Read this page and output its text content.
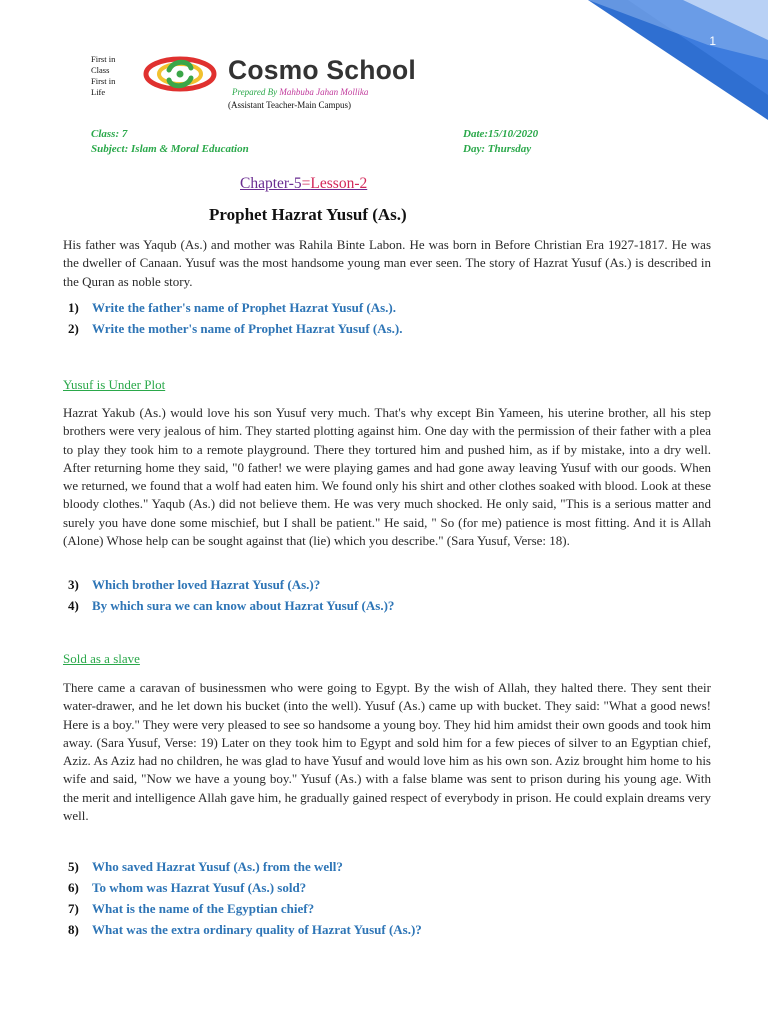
1
First in
Class
First in
Life
Cosmo School
Prepared By Mahbuba Jahan Mollika
(Assistant Teacher-Main Campus)
Class: 7
Subject: Islam & Moral Education
Date:15/10/2020
Day: Thursday
Chapter-5=Lesson-2
Prophet Hazrat Yusuf (As.)

His father was Yaqub (As.) and mother was Rahila Binte Labon. He was born in Before Christian Era 1927-1817. He was the dweller of Canaan. Yusuf was the most handsome young man ever seen. The story of Hazrat Yusuf (As.) is described in the Quran as noble story.

1)	Write the father's name of Prophet Hazrat Yusuf (As.).
2)	Write the mother's name of Prophet Hazrat Yusuf (As.).
Yusuf is Under Plot

Hazrat Yakub (As.) would love his son Yusuf very much. That's why except Bin Yameen, his uterine brother, all his step brothers were very jealous of him. They started plotting against him. One day with the permission of their father with a plea to play they took him to a remote playground. There they tortured him and pushed him, as if by mistake, into a dry well. After returning home they said, "0 father! we were playing games and had gone away leaving Yusuf with our goods. When we returned, we found that a wolf had eaten him. We found only his shirt and other clothes soaked with blood. Look at these bloody clothes." Yaqub (As.) did not believe them. He was very much shocked. He only said, "This is a serious matter and surely you have done some mischief, but I shall be patient." He said, " So (for me) patience is most fitting. And it is Allah (Alone) Whose help can be sought against that (lie) which you describe." (Sara Yusuf, Verse: 18).

3)	Which brother loved Hazrat Yusuf (As.)?
4)	By which sura we can know about Hazrat Yusuf (As.)?
Sold as a slave

There came a caravan of businessmen who were going to Egypt. By the wish of Allah, they halted there. They sent their water-drawer, and he let down his bucket (into the well). Yusuf (As.) came up with bucket. They said: "What a good news! Here is a boy." They were very pleased to see so handsome a young boy. They hid him amidst their own goods and took him away. (Sara Yusuf, Verse: 19) Later on they took him to Egypt and sold him for a few pieces of silver to an Egyptian chief, Aziz. As Aziz had no children, he was glad to have Yusuf and would love him as his own son. Aziz brought him home to his wife and said, "Now we have a young boy." Yusuf (As.) with a false blame was sent to prison during his young age. With the merit and intelligence Allah gave him, he gradually gained respect of everybody in prison. He could explain dreams very well.

5)	Who saved Hazrat Yusuf (As.) from the well?
6)	To whom was Hazrat Yusuf (As.) sold?
7)	What is the name of the Egyptian chief?
8)	What was the extra ordinary quality of Hazrat Yusuf (As.)?
